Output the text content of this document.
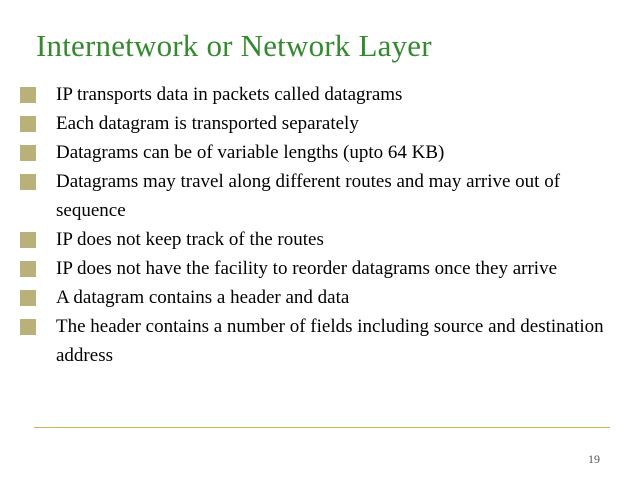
Internetwork or Network Layer
IP transports data in packets called datagrams
Each datagram is transported separately
Datagrams can be of variable lengths (upto 64 KB)
Datagrams may travel along different routes and may arrive out of sequence
IP does not keep track of the routes
IP does not have the facility to reorder datagrams once they arrive
A datagram contains a header and data
The header contains a number of fields including source and destination address
19
